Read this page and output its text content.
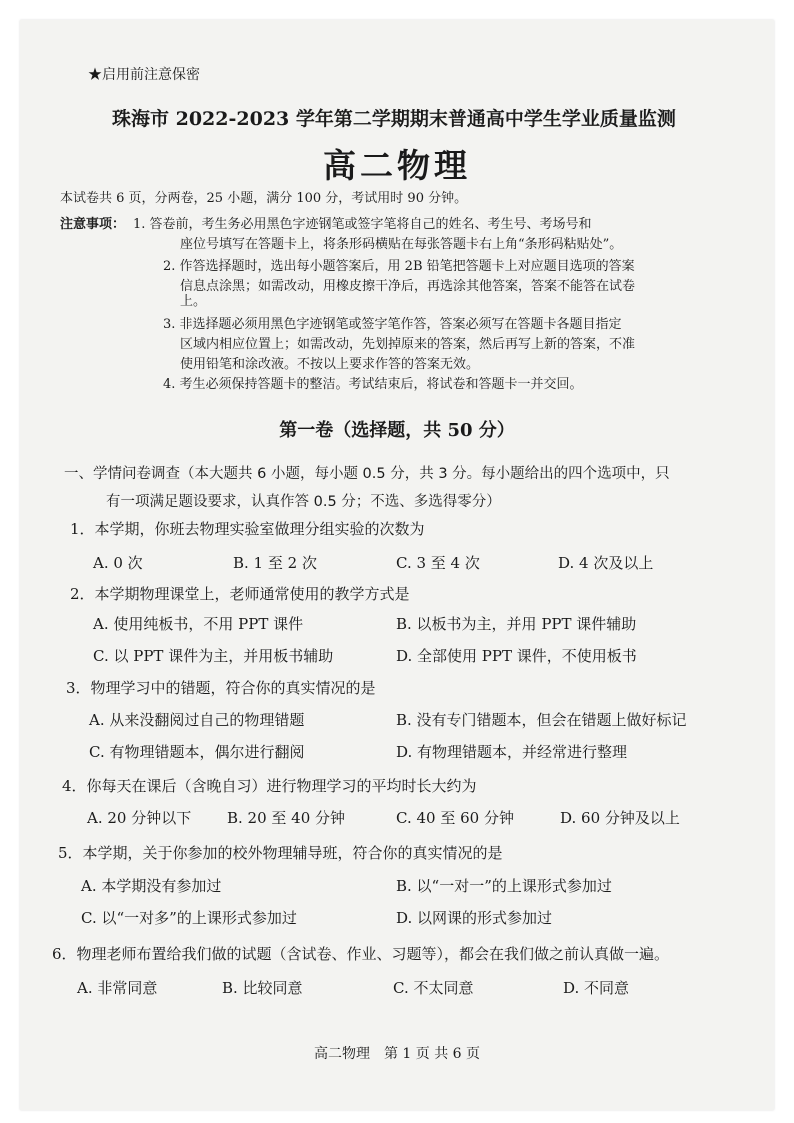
★启用前注意保密
珠海市 2022-2023 学年第二学期期末普通高中学生学业质量监测
高二物理
本试卷共 6 页，分两卷，25 小题，满分 100 分，考试用时 90 分钟。
注意事项： 1. 答卷前，考生务必用黑色字迹钢笔或签字笔将自己的姓名、考生号、考场号和
座位号填写在答题卡上，将条形码横贴在每张答题卡右上角“条形码粘贴处”。
2. 作答选择题时，选出每小题答案后，用 2B 铅笔把答题卡上对应题目选项的答案
信息点涂黑；如需改动，用橡皮擦干净后，再选涂其他答案，答案不能答在试卷
上。
3. 非选择题必须用黑色字迹钢笔或签字笔作答，答案必须写在答题卡各题目指定
区域内相应位置上；如需改动，先划掉原来的答案，然后再写上新的答案，不准
使用铅笔和涂改液。不按以上要求作答的答案无效。
4. 考生必须保持答题卡的整洁。考试结束后，将试卷和答题卡一并交回。
第一卷（选择题，共 50 分）
一、学情问卷调查（本大题共 6 小题，每小题 0.5 分，共 3 分。每小题给出的四个选项中，只
有一项满足题设要求，认真作答 0.5 分；不选、多选得零分）
1．本学期，你班去物理实验室做理分组实验的次数为
A. 0 次	B. 1 至 2 次	C. 3 至 4 次	D. 4 次及以上
2．本学期物理课堂上，老师通常使用的教学方式是
A. 使用纯板书，不用 PPT 课件	B. 以板书为主，并用 PPT 课件辅助
C. 以 PPT 课件为主，并用板书辅助	D. 全部使用 PPT 课件，不使用板书
3．物理学习中的错题，符合你的真实情况的是
A. 从来没翻阅过自己的物理错题	B. 没有专门错题本，但会在错题上做好标记
C. 有物理错题本，偶尔进行翻阅	D. 有物理错题本，并经常进行整理
4．你每天在课后（含晚自习）进行物理学习的平均时长大约为
A. 20 分钟以下 B. 20 至 40 分钟	C. 40 至 60 分钟	D. 60 分钟及以上
5．本学期，关于你参加的校外物理辅导班，符合你的真实情况的是
A. 本学期没有参加过	B. 以“一对一”的上课形式参加过
C. 以“一对多”的上课形式参加过	D. 以网课的形式参加过
6．物理老师布置给我们做的试题（含试卷、作业、习题等），都会在我们做之前认真做一遍。
A. 非常同意	B. 比较同意	C. 不太同意	D. 不同意
高二物理　第 1 页 共 6 页
